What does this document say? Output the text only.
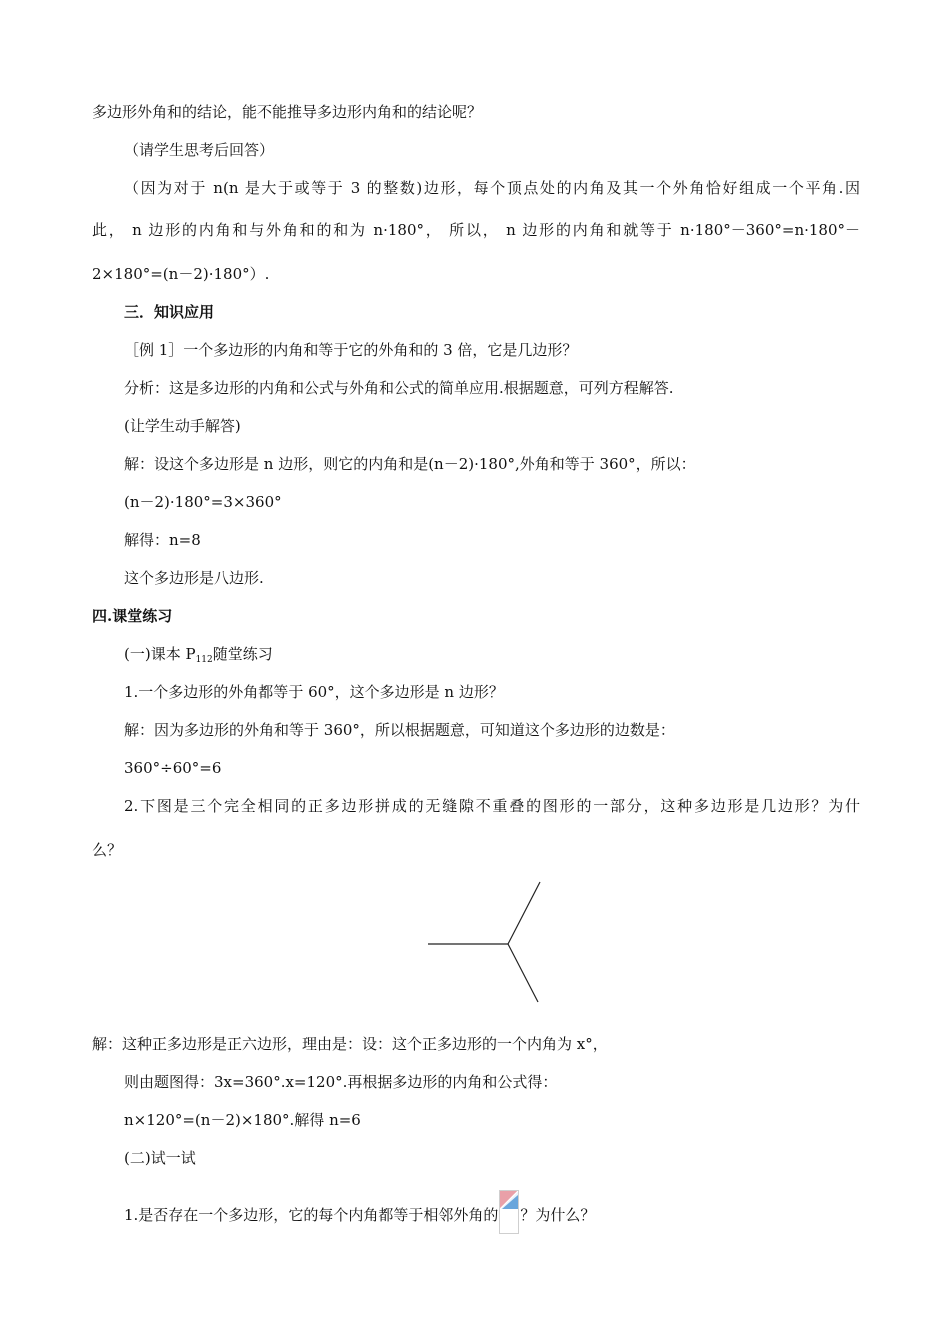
多边形外角和的结论，能不能推导多边形内角和的结论呢？
（请学生思考后回答）
（因为对于 n(n 是大于或等于 3 的整数)边形，每个顶点处的内角及其一个外角恰好组成一个平角.因
此， n 边形的内角和与外角和的和为 n·180°， 所以， n 边形的内角和就等于 n·180°－360°=n·180°－
2×180°=(n－2)·180°）.
三．知识应用
［例 1］一个多边形的内角和等于它的外角和的 3 倍，它是几边形？
分析：这是多边形的内角和公式与外角和公式的简单应用.根据题意，可列方程解答.
(让学生动手解答)
解：设这个多边形是 n 边形，则它的内角和是(n－2)·180°,外角和等于 360°，所以：
(n－2)·180°=3×360°
解得：n=8
这个多边形是八边形.
四.课堂练习
(一)课本 $P_{112}$随堂练习
1.一个多边形的外角都等于 60°，这个多边形是 n 边形？
解：因为多边形的外角和等于 360°，所以根据题意，可知道这个多边形的边数是：
360°÷60°=6
2.下图是三个完全相同的正多边形拼成的无缝隙不重叠的图形的一部分，这种多边形是几边形？为什
么？
解：这种正多边形是正六边形，理由是：设：这个正多边形的一个内角为 x°，
则由题图得：3x=360°.x=120°.再根据多边形的内角和公式得：
n×120°=(n－2)×180°.解得 n=6
(二)试一试
1.是否存在一个多边形，它的每个内角都等于相邻外角的 ？为什么？
